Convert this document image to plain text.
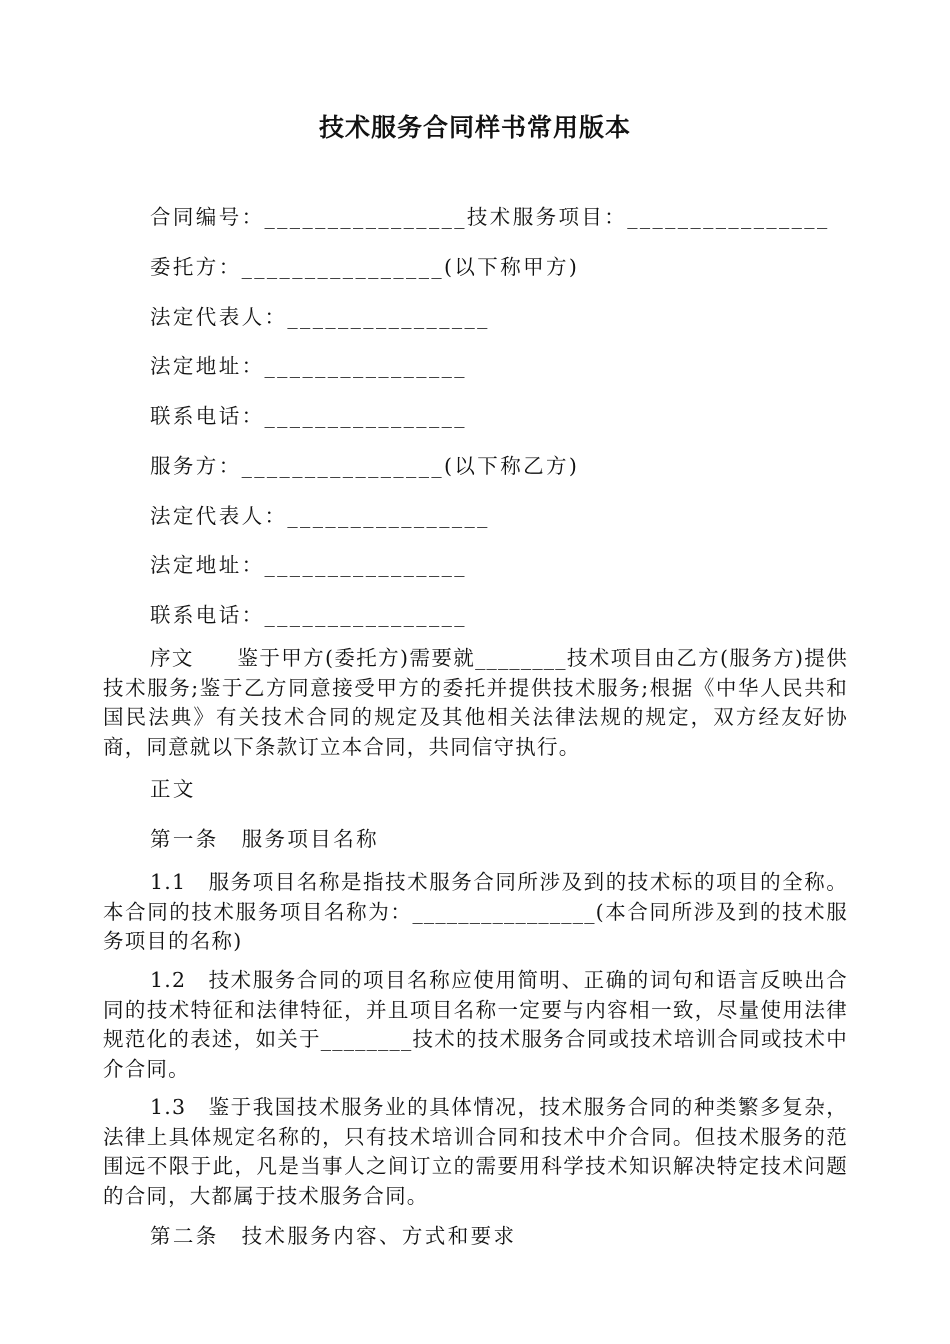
技术服务合同样书常用版本
合同编号：________________技术服务项目：________________
委托方：________________(以下称甲方)
法定代表人：________________
法定地址：________________
联系电话：________________
服务方：________________(以下称乙方)
法定代表人：________________
法定地址：________________
联系电话：________________
序文　　鉴于甲方(委托方)需要就________技术项目由乙方(服务方)提供技术服务;鉴于乙方同意接受甲方的委托并提供技术服务;根据《中华人民共和国民法典》有关技术合同的规定及其他相关法律法规的规定，双方经友好协商，同意就以下条款订立本合同，共同信守执行。
正文
第一条　服务项目名称
1.1　服务项目名称是指技术服务合同所涉及到的技术标的项目的全称。本合同的技术服务项目名称为：________________(本合同所涉及到的技术服务项目的名称)
1.2　技术服务合同的项目名称应使用简明、正确的词句和语言反映出合同的技术特征和法律特征，并且项目名称一定要与内容相一致，尽量使用法律规范化的表述，如关于________技术的技术服务合同或技术培训合同或技术中介合同。
1.3　鉴于我国技术服务业的具体情况，技术服务合同的种类繁多复杂，法律上具体规定名称的，只有技术培训合同和技术中介合同。但技术服务的范围远不限于此，凡是当事人之间订立的需要用科学技术知识解决特定技术问题的合同，大都属于技术服务合同。
第二条　技术服务内容、方式和要求
